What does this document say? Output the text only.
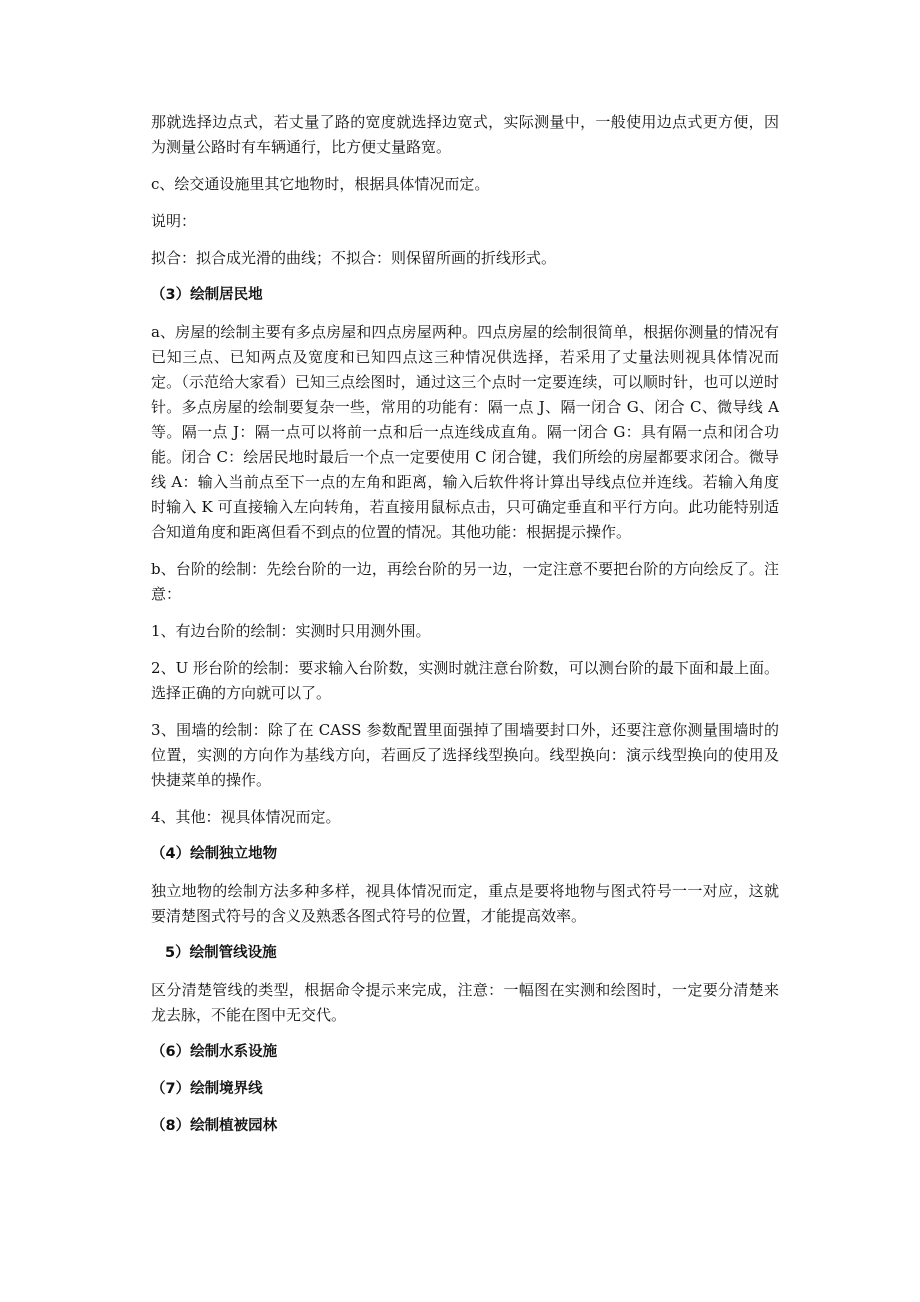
那就选择边点式，若丈量了路的宽度就选择边宽式，实际测量中，一般使用边点式更方便，因为测量公路时有车辆通行，比方便丈量路宽。

c、绘交通设施里其它地物时，根据具体情况而定。

说明：

拟合：拟合成光滑的曲线；不拟合：则保留所画的折线形式。

（3）绘制居民地

a、房屋的绘制主要有多点房屋和四点房屋两种。四点房屋的绘制很简单，根据你测量的情况有已知三点、已知两点及宽度和已知四点这三种情况供选择，若采用了丈量法则视具体情况而定。（示范给大家看）已知三点绘图时，通过这三个点时一定要连续，可以顺时针，也可以逆时针。多点房屋的绘制要复杂一些，常用的功能有：隔一点 J、隔一闭合 G、闭合 C、微导线 A 等。隔一点 J：隔一点可以将前一点和后一点连线成直角。隔一闭合 G：具有隔一点和闭合功能。闭合 C：绘居民地时最后一个点一定要使用 C 闭合键，我们所绘的房屋都要求闭合。微导线 A：输入当前点至下一点的左角和距离，输入后软件将计算出导线点位并连线。若输入角度时输入 K 可直接输入左向转角，若直接用鼠标点击，只可确定垂直和平行方向。此功能特别适合知道角度和距离但看不到点的位置的情况。其他功能：根据提示操作。

b、台阶的绘制：先绘台阶的一边，再绘台阶的另一边，一定注意不要把台阶的方向绘反了。注意：

1、有边台阶的绘制：实测时只用测外围。

2、U 形台阶的绘制：要求输入台阶数，实测时就注意台阶数，可以测台阶的最下面和最上面。选择正确的方向就可以了。

3、围墙的绘制：除了在 CASS 参数配置里面强掉了围墙要封口外，还要注意你测量围墙时的位置，实测的方向作为基线方向，若画反了选择线型换向。线型换向：演示线型换向的使用及快捷菜单的操作。

4、其他：视具体情况而定。

（4）绘制独立地物

独立地物的绘制方法多种多样，视具体情况而定，重点是要将地物与图式符号一一对应，这就要清楚图式符号的含义及熟悉各图式符号的位置，才能提高效率。

5）绘制管线设施

区分清楚管线的类型，根据命令提示来完成，注意：一幅图在实测和绘图时，一定要分清楚来龙去脉，不能在图中无交代。

（6）绘制水系设施

（7）绘制境界线

（8）绘制植被园林
